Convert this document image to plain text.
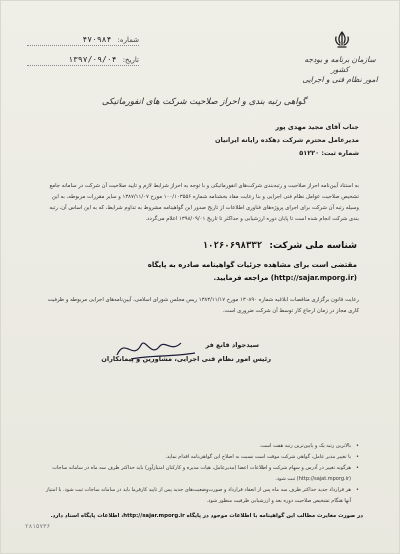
سازمان برنامه و بودجه کشور
امور نظام فنی و اجرایی
شماره: ۴۷۰۹۸۴
تاریخ: ۱۳۹۷/۰۹/۰۴
گواهی رتبه بندی و احراز صلاحیت شرکت های انفورماتیکی
جناب آقای مجید مهدی پور
مدیرعامل محترم شرکت دهکده رایانه ایرانیان
شماره ثبت: ۵۱۲۲۰
به استناد آیین‌نامه احراز صلاحیت و رتبه‌بندی شرکت‌های انفورماتیکی و با توجه به احراز شرایط لازم و تایید صلاحیت آن شرکت در سامانه جامع تشخیص صلاحیت عوامل نظام فنی اجرایی و بنا رعایت مفاد بخشنامه شماره ۱۰۰/۱۰۳۵۵۶ مورخ ۱۳۸۷/۱۱/۰۷ و سایر مقررات مربوطه، به این وسیله رتبه آن شرکت برای اجرای پروژه‌های فناوری اطلاعات از تاریخ صدور این گواهینامه مشروط به تداوم شرایط، که به این اساس آن، رتبه بندی شرکت انجام شده است تا پایان دوره ارزشیابی و حداکثر تا تاریخ ۱۳۹۸/۰۹/۰۱ اعلام می‌گردد.
شناسه ملی شرکت: ۱۰۲۶۰۶۹۸۳۳۲
مقتضی است برای مشاهده جزئیات گواهینامه صادره به پایگاه
(http://sajar.mporg.ir) مراجعه فرمایید.
رعایت قانون برگزاری مناقصات ابلاغیه شماره ۱۳۰۸۹۰ مورخ ۱۳۸۳/۱۱/۱۷ ریس مجلس شورای اسلامی، آیین‌نامه‌های اجرایی مربوطه و ظرفیت کاری مجاز در زمان ارجاع کار توسط آن شرکت ضروری است.
سیدجواد قانع فر
رئیس امور نظام فنی اجرایی، مشاورین و پیمانکاران
• بالاترین رتبه یک و پایین‌ترین رتبه هفت است.
• با تغییر مدیر عامل، گواهی شرکت موقت است نسبت به اصلاح این گواهی‌نامه اقدام نماید.
• هرگونه تغییر در آدرس و سهام شرکت و اطلاعات اعضا (مدیرعامل، هیات مدیره و کارکنان امتیازآور) باید حداکثر ظرف سه ماه در سامانه ساجات (http://sajat.mporg.ir) ثبت شود.
• هر قرارداد جدید حداکثر ظرف سه ماه پس از انعقاد قرارداد و صورت‌وضعیت‌های جدید پس از تایید کارفرما باید در سامانه ساجات ثبت شود. با امتیاز آنها هنگام تشخیص صلاحیت دوره بعد و ارزشیابی ظرفیت منظور شود.
در صورت مغایرت مطالب این گواهینامه با اطلاعات موجود در پایگاه http://sajar.mporg.ir، اطلاعات پایگاه اسناد دارد.
۲۸۱۵۷۳۶
